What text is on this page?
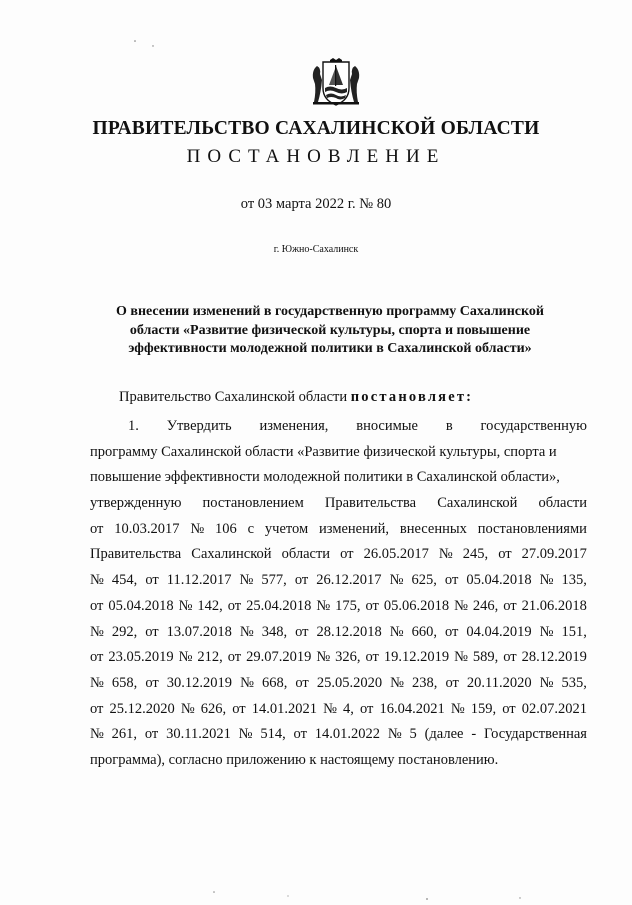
ПРАВИТЕЛЬСТВО САХАЛИНСКОЙ ОБЛАСТИ
ПОСТАНОВЛЕНИЕ
от 03 марта 2022 г. № 80
г. Южно-Сахалинск
О внесении изменений в государственную программу Сахалинской
области «Развитие физической культуры, спорта и повышение
эффективности молодежной политики в Сахалинской области»
Правительство Сахалинской области постановляет:
1. Утвердить изменения, вносимые в государственную
программу Сахалинской области «Развитие физической культуры, спорта и
повышение эффективности молодежной политики в Сахалинской области»,
утвержденную постановлением Правительства Сахалинской области
от 10.03.2017 № 106 с учетом изменений, внесенных постановлениями
Правительства Сахалинской области от 26.05.2017 № 245, от 27.09.2017
№ 454, от 11.12.2017 № 577, от 26.12.2017 № 625, от 05.04.2018 № 135,
от 05.04.2018 № 142, от 25.04.2018 № 175, от 05.06.2018 № 246, от 21.06.2018
№ 292, от 13.07.2018 № 348, от 28.12.2018 № 660, от 04.04.2019 № 151,
от 23.05.2019 № 212, от 29.07.2019 № 326, от 19.12.2019 № 589, от 28.12.2019
№ 658, от 30.12.2019 № 668, от 25.05.2020 № 238, от 20.11.2020 № 535,
от 25.12.2020 № 626, от 14.01.2021 № 4, от 16.04.2021 № 159, от 02.07.2021
№ 261, от 30.11.2021 № 514, от 14.01.2022 № 5 (далее - Государственная
программа), согласно приложению к настоящему постановлению.
